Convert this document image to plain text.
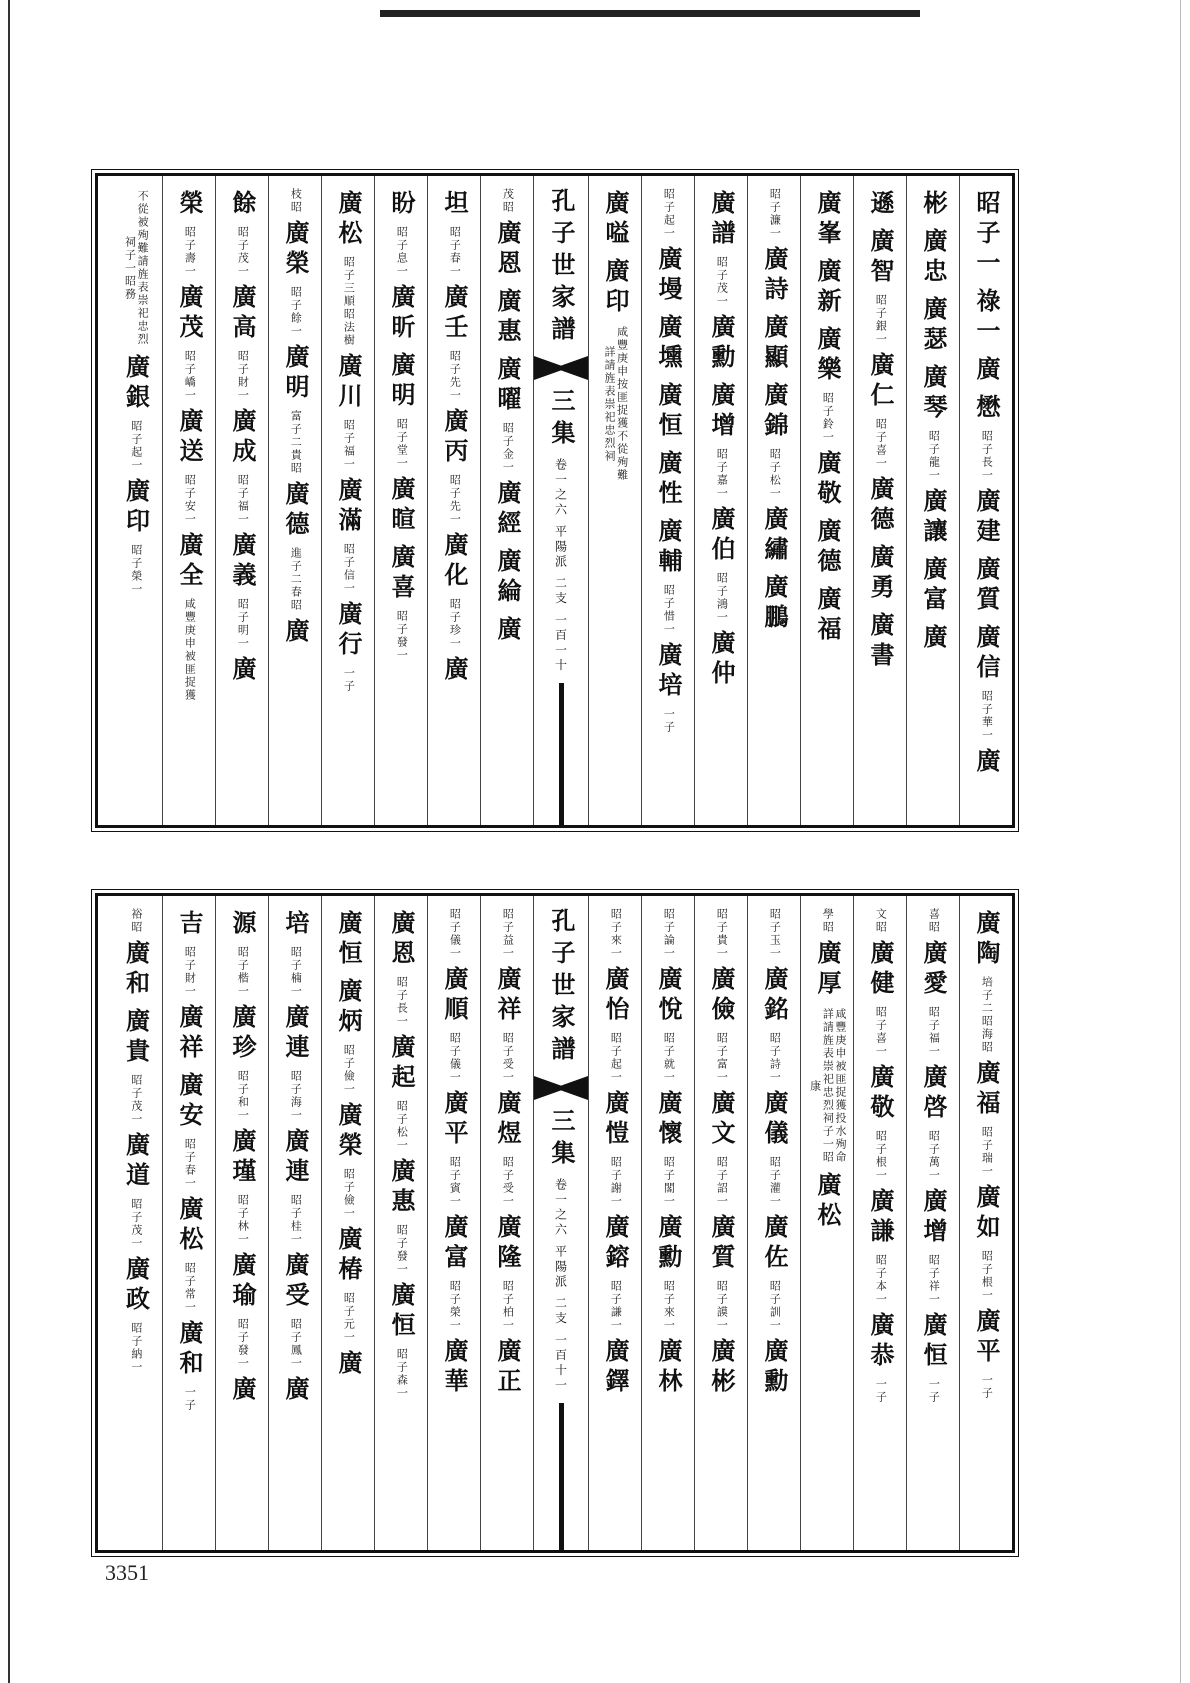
昭子一
祿一
廣
懋
昭子長一
廣建
廣質
廣信
昭子華一
廣
彬
廣忠
廣瑟
廣琴
昭子龍一
廣讓
廣富
廣
遜
廣智
昭子銀一
廣仁
昭子喜一
廣德
廣勇
廣書
廣峯
廣新
廣樂
昭子鈴一
廣敬
廣德
廣福
昭子濂一
廣詩
廣顯
廣錦
昭子松一
廣繡
廣鵬
廣譜
昭子茂一
廣勳
廣增
昭子嘉一
廣伯
昭子鴻一
廣仲
昭子起一
廣墁
廣壎
廣恒
廣性
廣輔
昭子惜一
廣培
一子
廣嗌
廣印
咸豐庚申按匪捉獲不從殉難詳請旌表崇祀忠烈祠
孔子世家譜
三集
卷一之六 平陽派 二支 一百一十
茂昭
廣恩
廣惠
廣曜
昭子金一
廣經
廣綸
廣
坦
昭子春一
廣壬
昭子先一
廣丙
昭子先一
廣化
昭子珍一
廣
盼
昭子息一
廣昕
廣明
昭子堂一
廣暄
廣喜
昭子發一
廣松
昭子三順昭法樹
廣川
昭子福一
廣滿
昭子信一
廣行
一子
枝昭
廣榮
昭子餘一
廣明
富子二貴昭
廣德
進子二春昭
廣
餘
昭子茂一
廣高
昭子財一
廣成
昭子福一
廣義
昭子明一
廣
榮
昭子壽一
廣茂
昭子嶠一
廣送
昭子安一
廣全
咸豐庚申被匪捉獲
不從被殉難請旌表崇祀忠烈祠子一昭務
廣銀
昭子起一
廣印
昭子榮一
廣陶
培子二昭海昭
廣福
昭子瑞一
廣如
昭子根一
廣平
一子
喜昭
廣愛
昭子福一
廣啓
昭子萬一
廣增
昭子祥一
廣恒
一子
文昭
廣健
昭子喜一
廣敬
昭子根一
廣謙
昭子本一
廣恭
一子
學昭
廣厚
咸豐庚申被匪捉獲投水殉命詳請旌表崇祀忠烈祠子一昭康
廣松
昭子玉一
廣銘
昭子詩一
廣儀
昭子灌一
廣佐
昭子訓一
廣勳
昭子貴一
廣儉
昭子富一
廣文
昭子詔一
廣質
昭子謨一
廣彬
昭子論一
廣悅
昭子就一
廣懷
昭子閣一
廣勳
昭子來一
廣林
昭子來一
廣怡
昭子起一
廣愷
昭子謝一
廣鎔
昭子謙一
廣鐸
孔子世家譜
三集
卷一之六 平陽派 二支 一百十一
昭子益一
廣祥
昭子受一
廣煜
昭子受一
廣隆
昭子柏一
廣正
昭子儀一
廣順
昭子儀一
廣平
昭子賓一
廣富
昭子榮一
廣華
廣恩
昭子長一
廣起
昭子松一
廣惠
昭子發一
廣恒
昭子森一
廣恒
廣炳
昭子儉一
廣榮
昭子儉一
廣椿
昭子元一
廣
培
昭子楠一
廣連
昭子海一
廣連
昭子桂一
廣受
昭子鳳一
廣
源
昭子楷一
廣珍
昭子和一
廣瑾
昭子林一
廣瑜
昭子發一
廣
吉
昭子財一
廣祥
廣安
昭子春一
廣松
昭子常一
廣和
一子
裕昭
廣和
廣貴
昭子茂一
廣道
昭子茂一
廣政
昭子納一
3351
